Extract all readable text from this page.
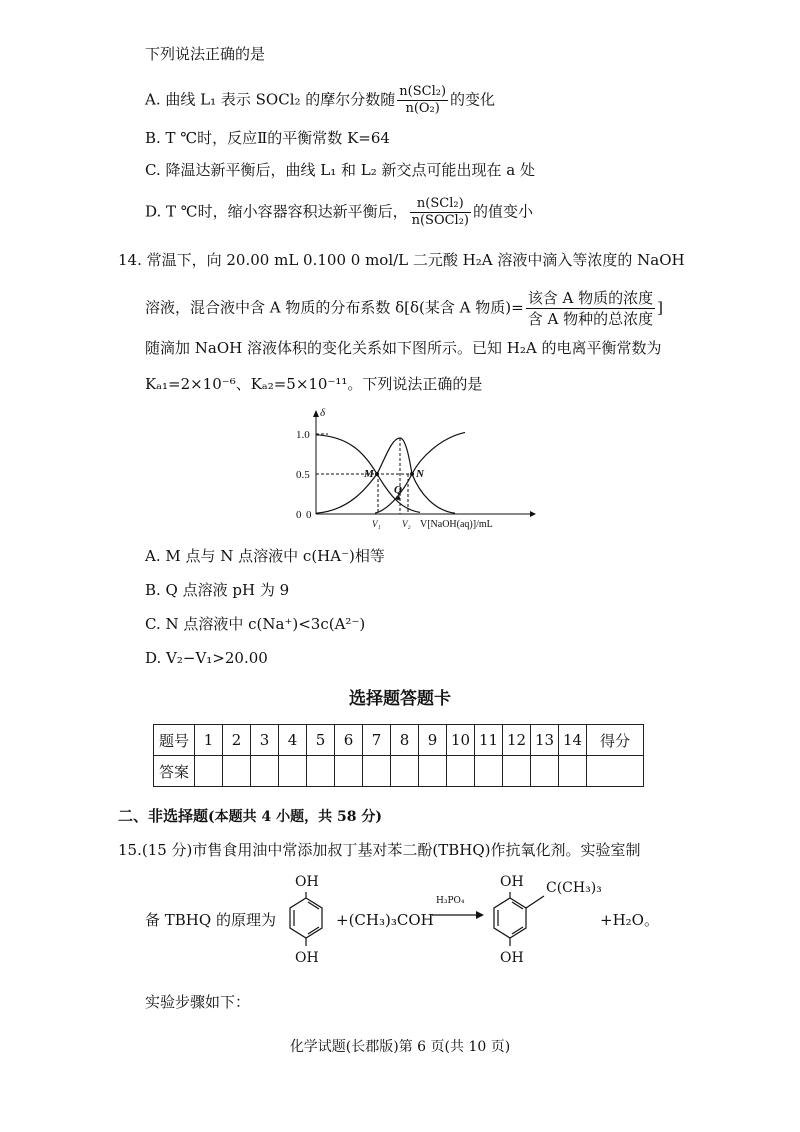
下列说法正确的是
A. 曲线 L₁ 表示 SOCl₂ 的摩尔分数随 $\frac{\text{n(SCl₂)}}{\text{n(O₂)}}$ 的变化
B. T ℃时，反应Ⅱ的平衡常数 K=64
C. 降温达新平衡后，曲线 L₁ 和 L₂ 新交点可能出现在 a 处
D. T ℃时，缩小容器容积达新平衡后， $\frac{\text{n(SCl₂)}}{\text{n(SOCl₂)}}$ 的值变小
14. 常温下，向 20.00 mL 0.100 0 mol/L 二元酸 H₂A 溶液中滴入等浓度的 NaOH
溶液，混合液中含 A 物质的分布系数 δ[δ(某含 A 物质)= $\frac{\text{该含 A 物质的浓度}}{\text{含 A 物种的总浓度}}$ ]
随滴加 NaOH 溶液体积的变化关系如下图所示。已知 H₂A 的电离平衡常数为
Kₐ₁=2×10⁻⁶、Kₐ₂=5×10⁻¹¹。下列说法正确的是
δ
0
0.5
1.0
M	N
Q
0
V₁ V₂ V[NaOH(aq)]/mL
A. M 点与 N 点溶液中 c(HA⁻)相等
B. Q 点溶液 pH 为 9
C. N 点溶液中 c(Na⁺)<3c(A²⁻)
D. V₂−V₁>20.00
选择题答题卡
题号	1	2	3	4	5	6	7	8	9	10	11	12	13	14	得分
答案															
二、非选择题(本题共 4 小题，共 58 分)
15.(15 分)市售食用油中常添加叔丁基对苯二酚(TBHQ)作抗氧化剂。实验室制
备 TBHQ 的原理为
OH
OH
+(CH₃)₃COH
H₃PO₄
OH C(CH₃)₃
OH
+H₂O。
实验步骤如下：
化学试题(长郡版)第 6 页(共 10 页)
